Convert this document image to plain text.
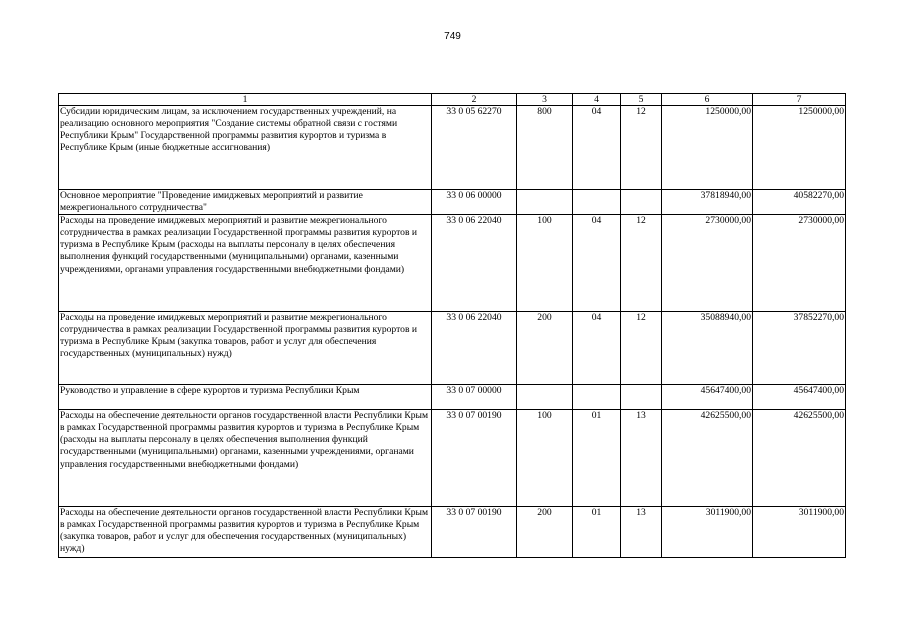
749
1	2	3	4	5	6	7
Субсидии юридическим лицам, за исключением государственных учреждений, на реализацию основного мероприятия "Создание системы обратной связи с гостями Республики Крым" Государственной программы развития курортов и туризма в Республике Крым (иные бюджетные ассигнования)	33 0 05 62270	800	04	12	1250000,00	1250000,00
Основное мероприятие "Проведение имиджевых мероприятий и развитие межрегионального сотрудничества"	33 0 06 00000				37818940,00	40582270,00
Расходы на проведение имиджевых мероприятий и развитие межрегионального сотрудничества в рамках реализации Государственной программы развития курортов и туризма в Республике Крым (расходы на выплаты персоналу в целях обеспечения выполнения функций государственными (муниципальными) органами, казенными учреждениями, органами управления государственными внебюджетными фондами)	33 0 06 22040	100	04	12	2730000,00	2730000,00
Расходы на проведение имиджевых мероприятий и развитие межрегионального сотрудничества в рамках реализации Государственной программы развития курортов и туризма в Республике Крым (закупка товаров, работ и услуг для обеспечения государственных (муниципальных) нужд)	33 0 06 22040	200	04	12	35088940,00	37852270,00
Руководство и управление в сфере курортов и туризма Республики Крым	33 0 07 00000				45647400,00	45647400,00
Расходы на обеспечение деятельности органов государственной власти Республики Крым в рамках Государственной программы развития курортов и туризма в Республике Крым (расходы на выплаты персоналу в целях обеспечения выполнения функций государственными (муниципальными) органами, казенными учреждениями, органами управления государственными внебюджетными фондами)	33 0 07 00190	100	01	13	42625500,00	42625500,00
Расходы на обеспечение деятельности органов государственной власти Республики Крым в рамках Государственной программы развития курортов и туризма в Республике Крым (закупка товаров, работ и услуг для обеспечения государственных (муниципальных) нужд)	33 0 07 00190	200	01	13	3011900,00	3011900,00
